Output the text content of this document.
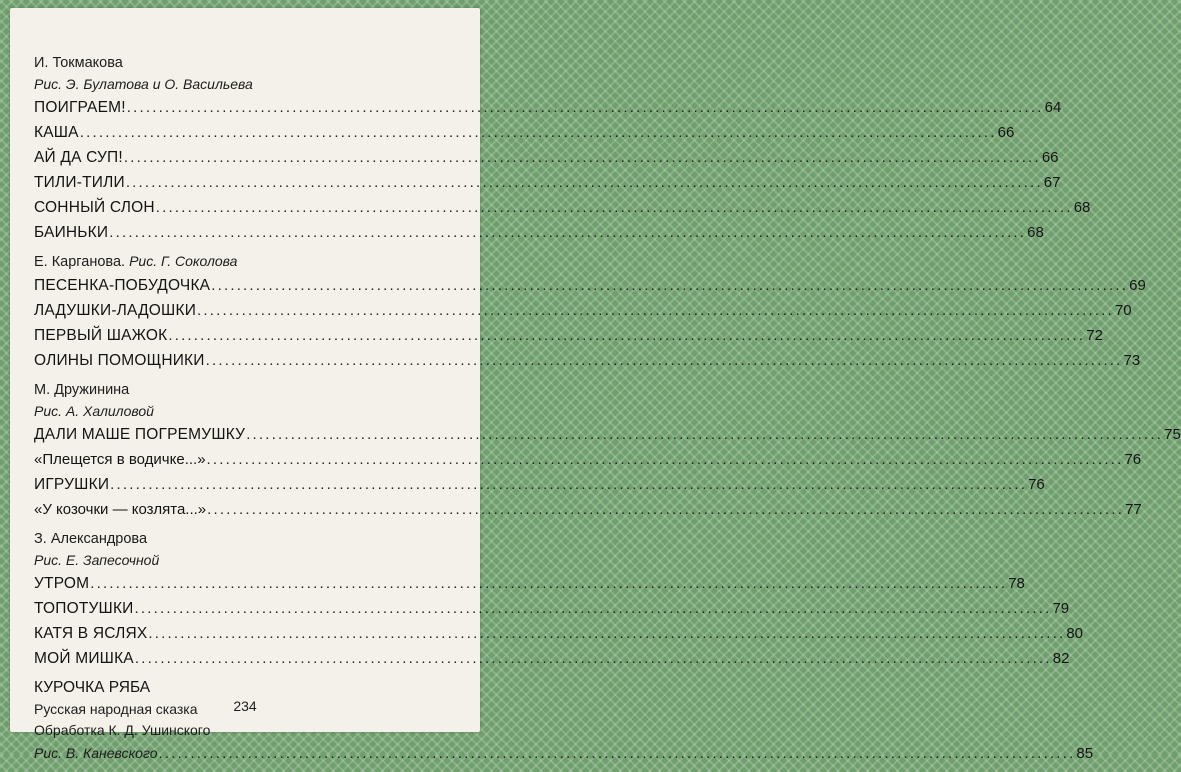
И. Токмакова
Рис. Э. Булатова и О. Васильева
ПОИГРАЕМ! .....	64
КАША .....	66
АЙ ДА СУП! .....	66
ТИЛИ-ТИЛИ .....	67
СОННЫЙ СЛОН .....	68
БАИНЬКИ .....	68
Е. Карганова. Рис. Г. Соколова
ПЕСЕНКА-ПОБУДОЧКА .....	69
ЛАДУШКИ-ЛАДОШКИ .....	70
ПЕРВЫЙ ШАЖОК .....	72
ОЛИНЫ ПОМОЩНИКИ .....	73
М. Дружинина
Рис. А. Халиловой
ДАЛИ МАШЕ ПОГРЕМУШКУ .....	75
«Плещется в водичке...» .....	76
ИГРУШКИ .....	76
«У козочки — козлята...» .....	77
З. Александрова
Рис. Е. Запесочной
УТРОМ .....	78
ТОПОТУШКИ .....	79
КАТЯ В ЯСЛЯХ .....	80
МОЙ МИШКА .....	82
КУРОЧКА РЯБА
Русская народная сказка
Обработка К. Д. Ушинского
Рис. В. Каневского .....	85
234
